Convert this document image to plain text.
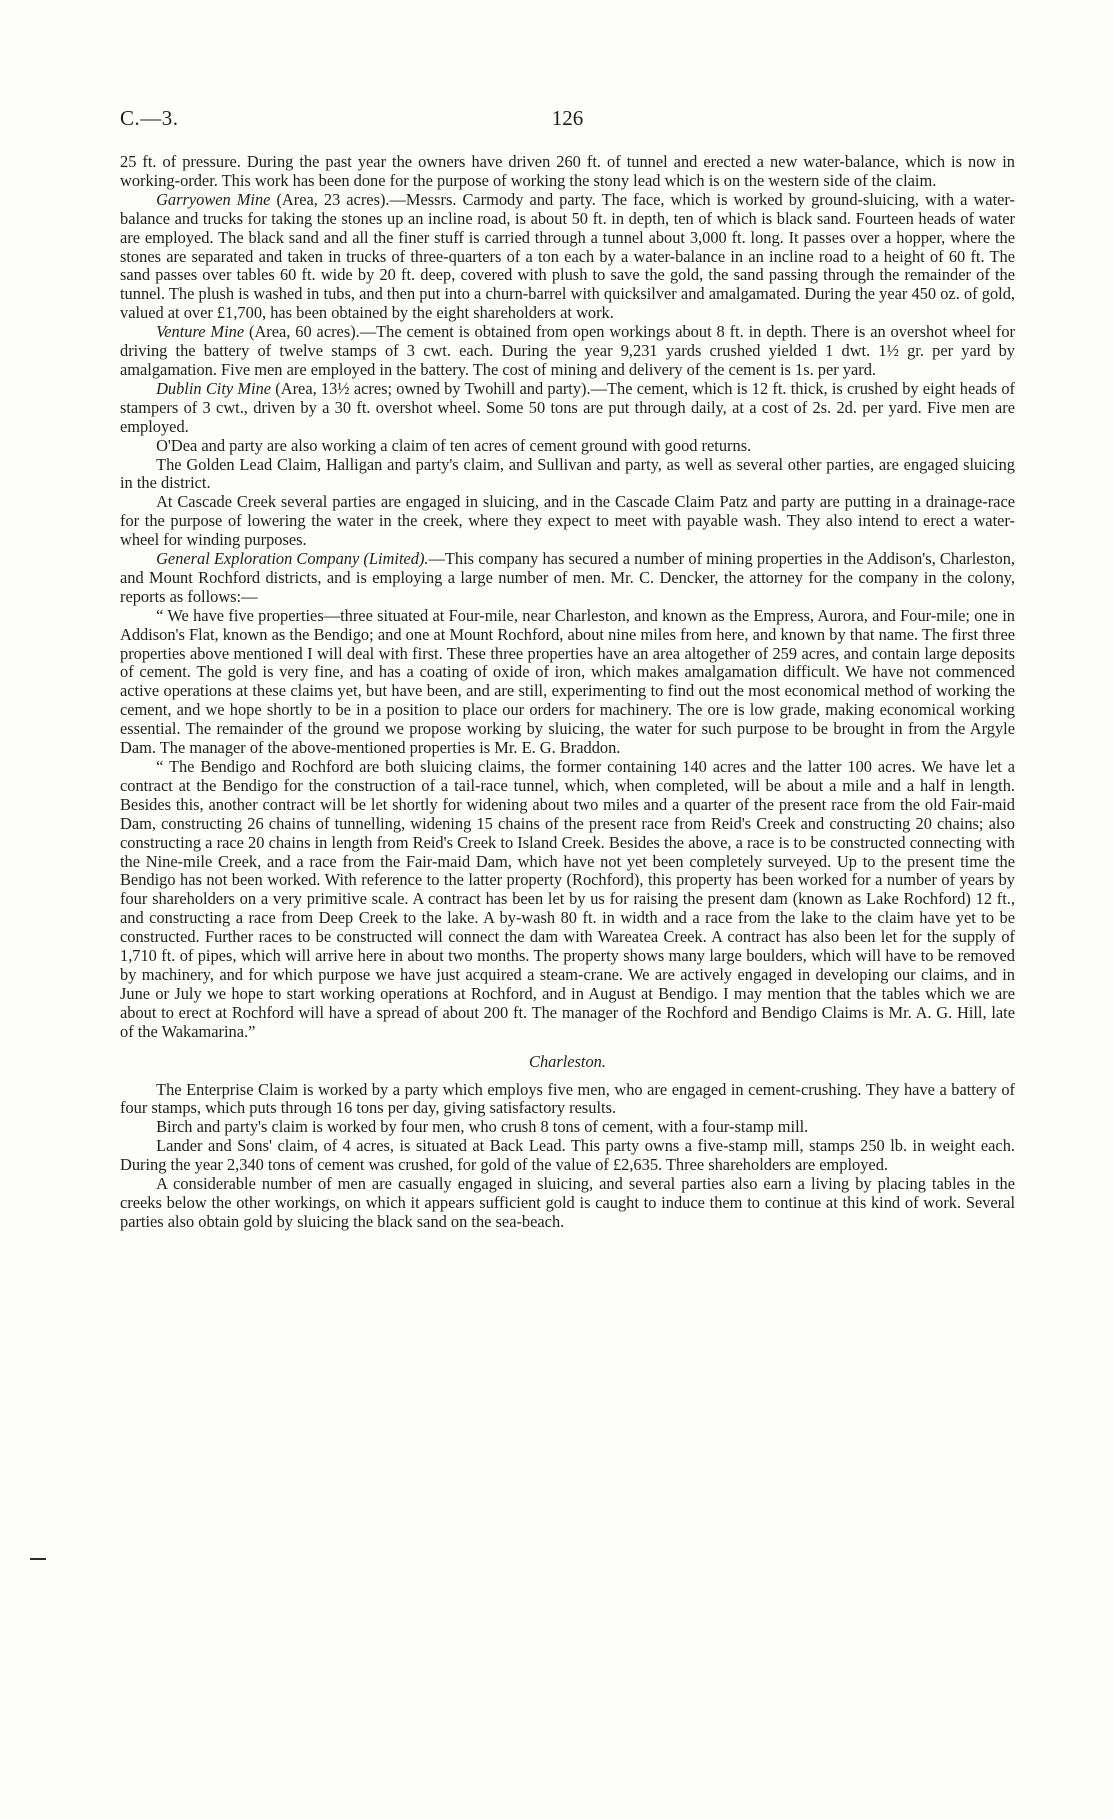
C.—3.	126

25 ft. of pressure. During the past year the owners have driven 260 ft. of tunnel and erected a new water-balance, which is now in working-order. This work has been done for the purpose of working the stony lead which is on the western side of the claim.

Garryowen Mine (Area, 23 acres).—Messrs. Carmody and party. The face, which is worked by ground-sluicing, with a water-balance and trucks for taking the stones up an incline road, is about 50 ft. in depth, ten of which is black sand. Fourteen heads of water are employed. The black sand and all the finer stuff is carried through a tunnel about 3,000 ft. long. It passes over a hopper, where the stones are separated and taken in trucks of three-quarters of a ton each by a water-balance in an incline road to a height of 60 ft. The sand passes over tables 60 ft. wide by 20 ft. deep, covered with plush to save the gold, the sand passing through the remainder of the tunnel. The plush is washed in tubs, and then put into a churn-barrel with quicksilver and amalgamated. During the year 450 oz. of gold, valued at over £1,700, has been obtained by the eight shareholders at work.

Venture Mine (Area, 60 acres).—The cement is obtained from open workings about 8 ft. in depth. There is an overshot wheel for driving the battery of twelve stamps of 3 cwt. each. During the year 9,231 yards crushed yielded 1 dwt. 1½ gr. per yard by amalgamation. Five men are employed in the battery. The cost of mining and delivery of the cement is 1s. per yard.

Dublin City Mine (Area, 13½ acres; owned by Twohill and party).—The cement, which is 12 ft. thick, is crushed by eight heads of stampers of 3 cwt., driven by a 30 ft. overshot wheel. Some 50 tons are put through daily, at a cost of 2s. 2d. per yard. Five men are employed.

O'Dea and party are also working a claim of ten acres of cement ground with good returns.

The Golden Lead Claim, Halligan and party's claim, and Sullivan and party, as well as several other parties, are engaged sluicing in the district.

At Cascade Creek several parties are engaged in sluicing, and in the Cascade Claim Patz and party are putting in a drainage-race for the purpose of lowering the water in the creek, where they expect to meet with payable wash. They also intend to erect a water-wheel for winding purposes.

General Exploration Company (Limited).—This company has secured a number of mining properties in the Addison's, Charleston, and Mount Rochford districts, and is employing a large number of men. Mr. C. Dencker, the attorney for the company in the colony, reports as follows:—

“ We have five properties—three situated at Four-mile, near Charleston, and known as the Empress, Aurora, and Four-mile; one in Addison's Flat, known as the Bendigo; and one at Mount Rochford, about nine miles from here, and known by that name. The first three properties above mentioned I will deal with first. These three properties have an area altogether of 259 acres, and contain large deposits of cement. The gold is very fine, and has a coating of oxide of iron, which makes amalgamation difficult. We have not commenced active operations at these claims yet, but have been, and are still, experimenting to find out the most economical method of working the cement, and we hope shortly to be in a position to place our orders for machinery. The ore is low grade, making economical working essential. The remainder of the ground we propose working by sluicing, the water for such purpose to be brought in from the Argyle Dam. The manager of the above-mentioned properties is Mr. E. G. Braddon.

“ The Bendigo and Rochford are both sluicing claims, the former containing 140 acres and the latter 100 acres. We have let a contract at the Bendigo for the construction of a tail-race tunnel, which, when completed, will be about a mile and a half in length. Besides this, another contract will be let shortly for widening about two miles and a quarter of the present race from the old Fair-maid Dam, constructing 26 chains of tunnelling, widening 15 chains of the present race from Reid's Creek and constructing 20 chains; also constructing a race 20 chains in length from Reid's Creek to Island Creek. Besides the above, a race is to be constructed connecting with the Nine-mile Creek, and a race from the Fair-maid Dam, which have not yet been completely surveyed. Up to the present time the Bendigo has not been worked. With reference to the latter property (Rochford), this property has been worked for a number of years by four shareholders on a very primitive scale. A contract has been let by us for raising the present dam (known as Lake Rochford) 12 ft., and constructing a race from Deep Creek to the lake. A by-wash 80 ft. in width and a race from the lake to the claim have yet to be constructed. Further races to be constructed will connect the dam with Wareatea Creek. A contract has also been let for the supply of 1,710 ft. of pipes, which will arrive here in about two months. The property shows many large boulders, which will have to be removed by machinery, and for which purpose we have just acquired a steam-crane. We are actively engaged in developing our claims, and in June or July we hope to start working operations at Rochford, and in August at Bendigo. I may mention that the tables which we are about to erect at Rochford will have a spread of about 200 ft. The manager of the Rochford and Bendigo Claims is Mr. A. G. Hill, late of the Wakamarina.”

Charleston.

The Enterprise Claim is worked by a party which employs five men, who are engaged in cement-crushing. They have a battery of four stamps, which puts through 16 tons per day, giving satisfactory results.

Birch and party's claim is worked by four men, who crush 8 tons of cement, with a four-stamp mill.

Lander and Sons' claim, of 4 acres, is situated at Back Lead. This party owns a five-stamp mill, stamps 250 lb. in weight each. During the year 2,340 tons of cement was crushed, for gold of the value of £2,635. Three shareholders are employed.

A considerable number of men are casually engaged in sluicing, and several parties also earn a living by placing tables in the creeks below the other workings, on which it appears sufficient gold is caught to induce them to continue at this kind of work. Several parties also obtain gold by sluicing the black sand on the sea-beach.
